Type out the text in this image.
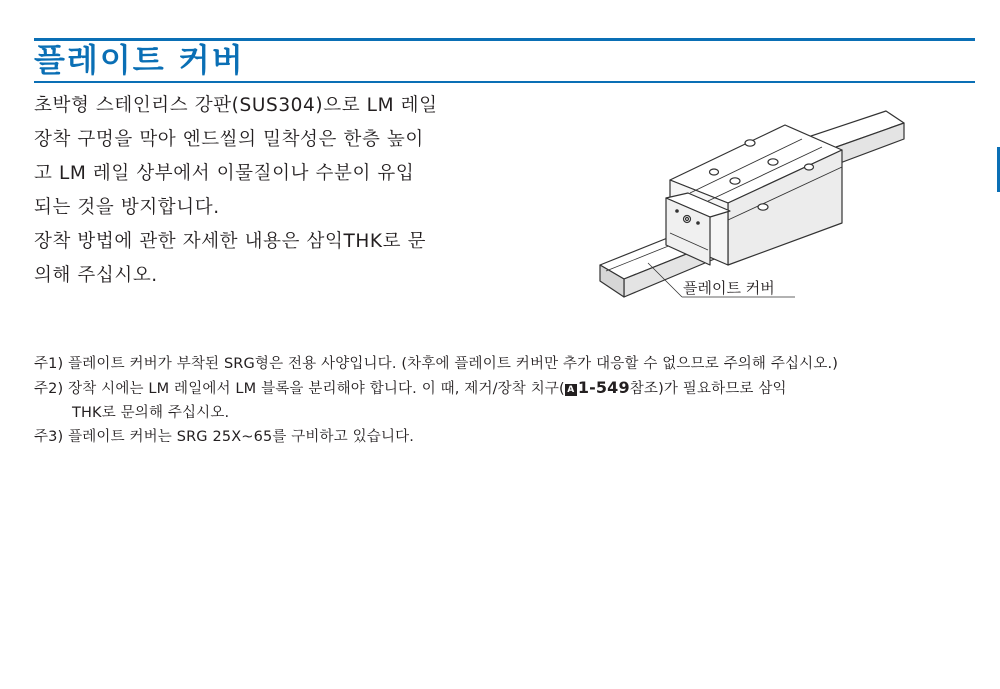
플레이트 커버

초박형 스테인리스 강판(SUS304)으로 LM 레일

장착 구멍을 막아 엔드씰의 밀착성은 한층 높이

고 LM 레일 상부에서 이물질이나 수분이 유입

되는 것을 방지합니다.

장착 방법에 관한 자세한 내용은 삼익THK로 문

의해 주십시오.

플레이트 커버
주1) 플레이트 커버가 부착된 SRG형은 전용 사양입니다. (차후에 플레이트 커버만 추가 대응할 수 없으므로 주의해 주십시오.)
주2) 장착 시에는 LM 레일에서 LM 블록을 분리해야 합니다. 이 때, 제거/장착 치구( A 1-549참조)가 필요하므로 삼익
THK로 문의해 주십시오.
주3) 플레이트 커버는 SRG 25X~65를 구비하고 있습니다.
